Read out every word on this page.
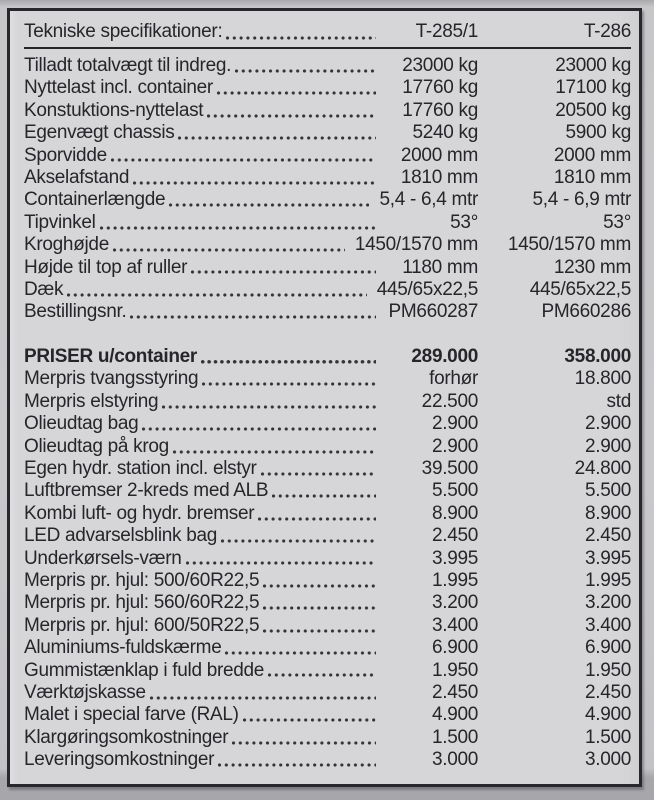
Tekniske specifikationer:	T-285/1	T-286
Tilladt totalvægt til indreg.	23000 kg	23000 kg
Nyttelast incl. container	17760 kg	17100 kg
Konstuktions-nyttelast	17760 kg	20500 kg
Egenvægt chassis	5240 kg	5900 kg
Sporvidde	2000 mm	2000 mm
Akselafstand	1810 mm	1810 mm
Containerlængde	5,4 - 6,4 mtr	5,4 - 6,9 mtr
Tipvinkel	53°	53°
Kroghøjde	1450/1570 mm	1450/1570 mm
Højde til top af ruller	1180 mm	1230 mm
Dæk	445/65x22,5	445/65x22,5
Bestillingsnr.	PM660287	PM660286
PRISER u/container	289.000	358.000
Merpris tvangsstyring	forhør	18.800
Merpris elstyring	22.500	std
Olieudtag bag	2.900	2.900
Olieudtag på krog	2.900	2.900
Egen hydr. station incl. elstyr	39.500	24.800
Luftbremser 2-kreds med ALB	5.500	5.500
Kombi luft- og hydr. bremser	8.900	8.900
LED advarselsblink bag	2.450	2.450
Underkørsels-værn	3.995	3.995
Merpris pr. hjul: 500/60R22,5	1.995	1.995
Merpris pr. hjul: 560/60R22,5	3.200	3.200
Merpris pr. hjul: 600/50R22,5	3.400	3.400
Aluminiums-fuldskærme	6.900	6.900
Gummistænklap i fuld bredde	1.950	1.950
Værktøjskasse	2.450	2.450
Malet i special farve (RAL)	4.900	4.900
Klargøringsomkostninger	1.500	1.500
Leveringsomkostninger	3.000	3.000
